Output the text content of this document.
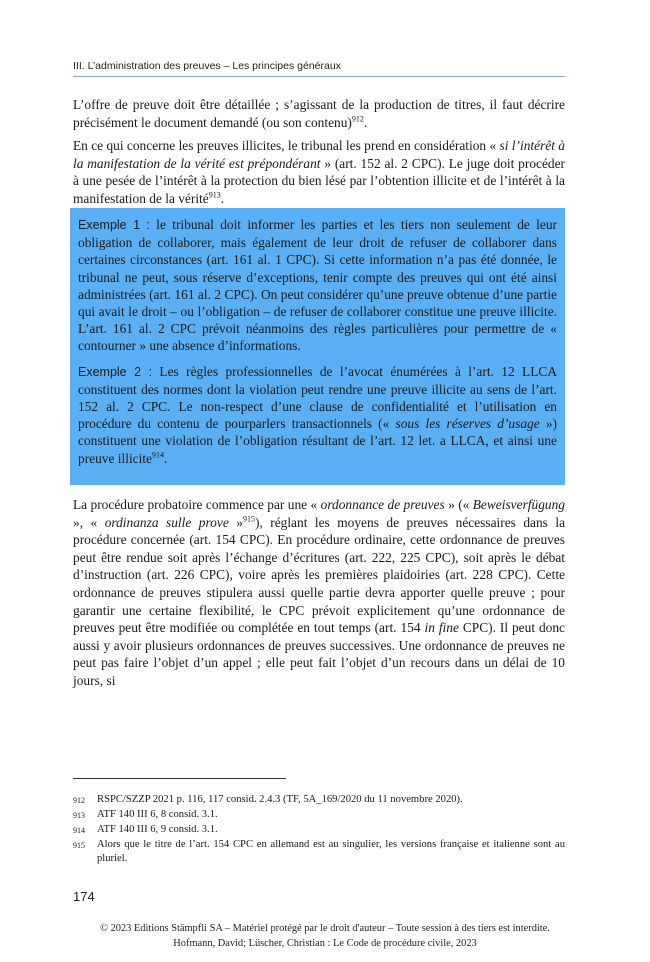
III. L’administration des preuves – Les principes généraux

L’offre de preuve doit être détaillée ; s’agissant de la production de titres, il faut décrire précisément le document demandé (ou son contenu)$^{912}$.

En ce qui concerne les preuves illicites, le tribunal les prend en considération « si l’intérêt à la manifestation de la vérité est prépondérant » (art. 152 al. 2 CPC). Le juge doit procéder à une pesée de l’intérêt à la protection du bien lésé par l’obtention illicite et de l’intérêt à la manifestation de la vérité$^{913}$.

Exemple 1 : le tribunal doit informer les parties et les tiers non seulement de leur obligation de collaborer, mais également de leur droit de refuser de collaborer dans certaines circonstances (art. 161 al. 1 CPC). Si cette information n’a pas été donnée, le tribunal ne peut, sous réserve d’exceptions, tenir compte des preuves qui ont été ainsi administrées (art. 161 al. 2 CPC). On peut considérer qu’une preuve obtenue d’une partie qui avait le droit – ou l’obligation – de refuser de collaborer constitue une preuve illicite. L’art. 161 al. 2 CPC prévoit néanmoins des règles particulières pour permettre de « contourner » une absence d’informations.

Exemple 2 : Les règles professionnelles de l’avocat énumérées à l’art. 12 LLCA constituent des normes dont la violation peut rendre une preuve illicite au sens de l’art. 152 al. 2 CPC. Le non-respect d’une clause de confidentialité et l’utilisation en procédure du contenu de pourparlers transactionnels (« sous les réserves d’usage ») constituent une violation de l’obligation résultant de l’art. 12 let. a LLCA, et ainsi une preuve illicite$^{914}$.

La procédure probatoire commence par une « ordonnance de preuves » (« Beweisverfügung », « ordinanza sulle prove »$^{915}$), réglant les moyens de preuves nécessaires dans la procédure concernée (art. 154 CPC). En procédure ordinaire, cette ordonnance de preuves peut être rendue soit après l’échange d’écritures (art. 222, 225 CPC), soit après le débat d’instruction (art. 226 CPC), voire après les premières plaidoiries (art. 228 CPC). Cette ordonnance de preuves stipulera aussi quelle partie devra apporter quelle preuve ; pour garantir une certaine flexibilité, le CPC prévoit explicitement qu’une ordonnance de preuves peut être modifiée ou complétée en tout temps (art. 154 in fine CPC). Il peut donc aussi y avoir plusieurs ordonnances de preuves successives. Une ordonnance de preuves ne peut pas faire l’objet d’un appel ; elle peut fait l’objet d’un recours dans un délai de 10 jours, si

912	RSPC/SZZP 2021 p. 116, 117 consid. 2.4.3 (TF, 5A_169/2020 du 11 novembre 2020).
913	ATF 140 III 6, 8 consid. 3.1.
914	ATF 140 III 6, 9 consid. 3.1.
915	Alors que le titre de l’art. 154 CPC en allemand est au singulier, les versions française et italienne sont au pluriel.
174
© 2023 Editions Stämpfli SA – Matériel protégé par le droit d'auteur – Toute session à des tiers est interdite.
Hofmann, David; Lüscher, Christian : Le Code de procédure civile, 2023
